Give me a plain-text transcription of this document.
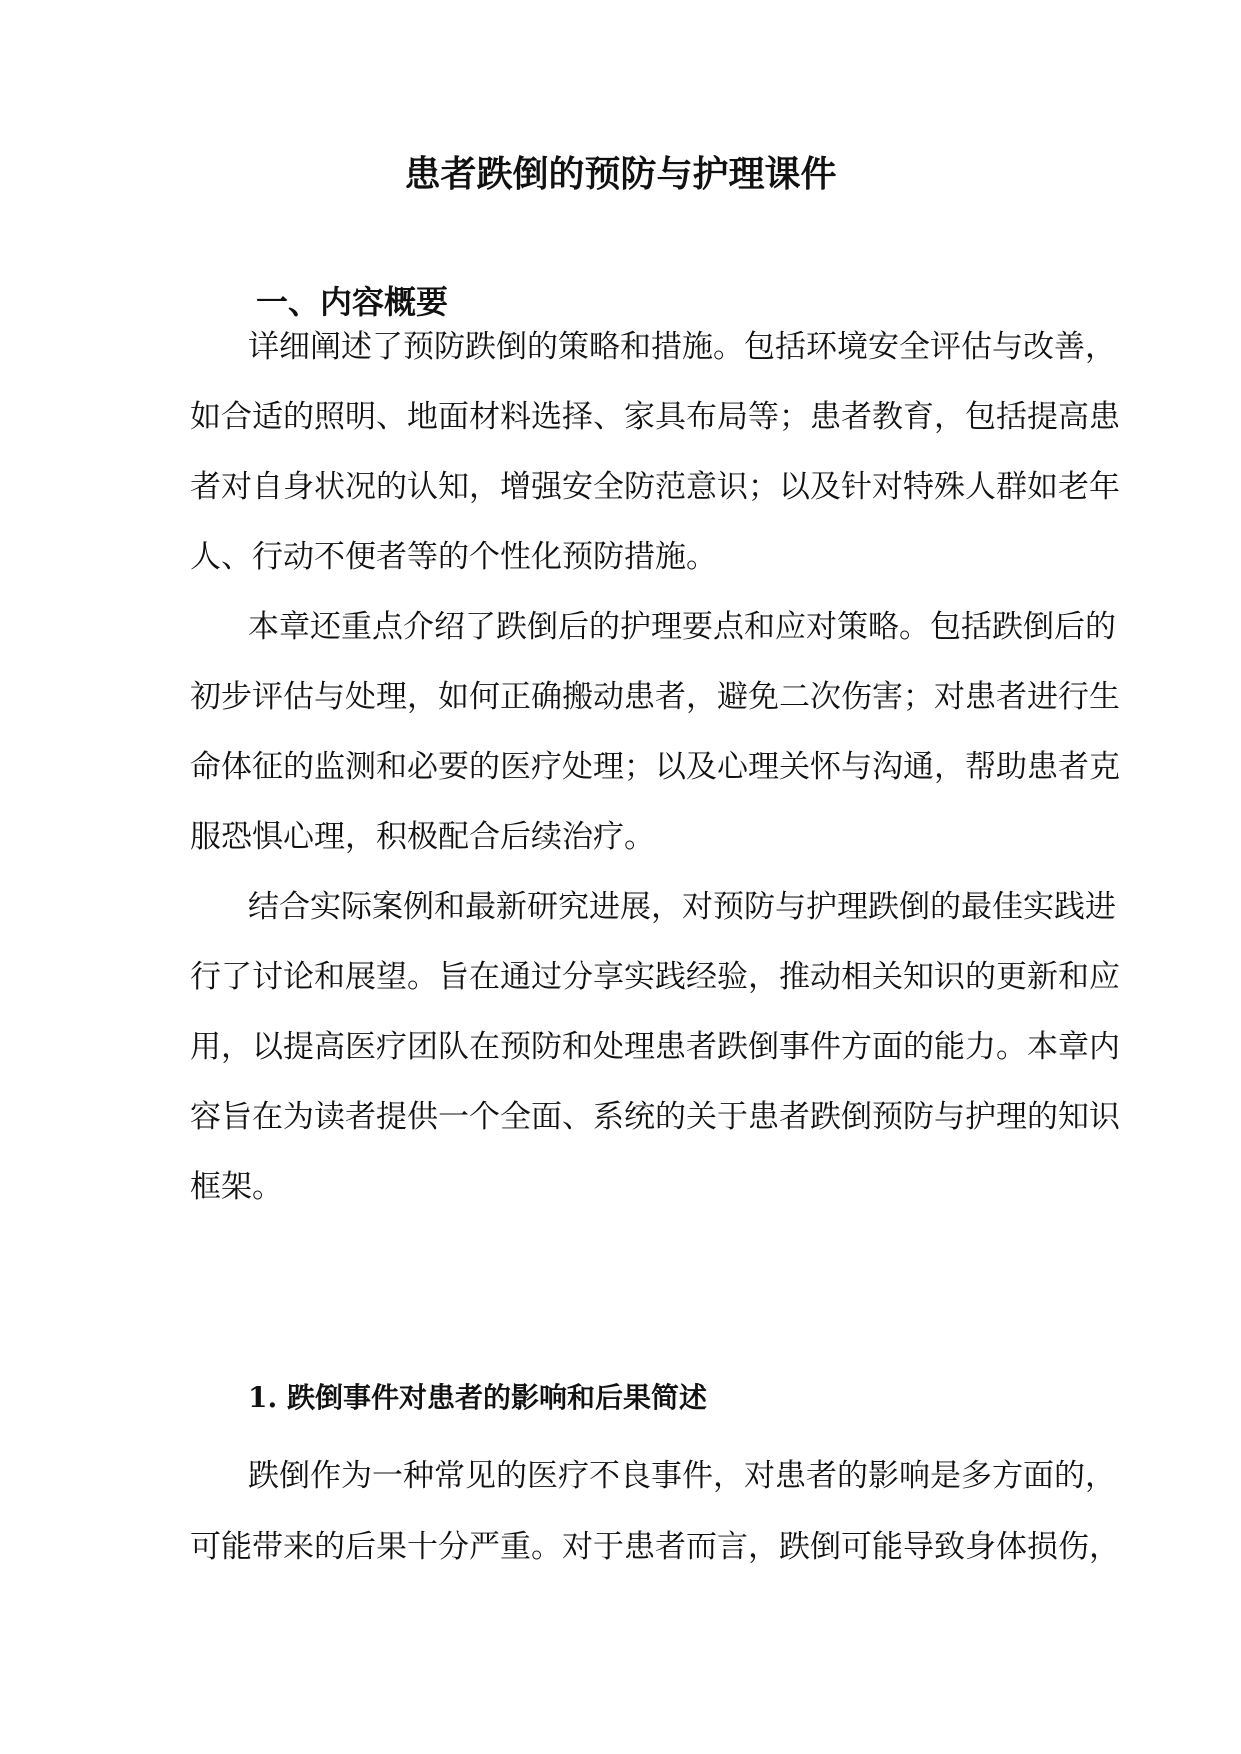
患者跌倒的预防与护理课件
一、内容概要
详细阐述了预防跌倒的策略和措施。包括环境安全评估与改善，
如合适的照明、地面材料选择、家具布局等；患者教育，包括提高患
者对自身状况的认知，增强安全防范意识；以及针对特殊人群如老年
人、行动不便者等的个性化预防措施。
本章还重点介绍了跌倒后的护理要点和应对策略。包括跌倒后的
初步评估与处理，如何正确搬动患者，避免二次伤害；对患者进行生
命体征的监测和必要的医疗处理；以及心理关怀与沟通，帮助患者克
服恐惧心理，积极配合后续治疗。
结合实际案例和最新研究进展，对预防与护理跌倒的最佳实践进
行了讨论和展望。旨在通过分享实践经验，推动相关知识的更新和应
用，以提高医疗团队在预防和处理患者跌倒事件方面的能力。本章内
容旨在为读者提供一个全面、系统的关于患者跌倒预防与护理的知识
框架。
1. 跌倒事件对患者的影响和后果简述
跌倒作为一种常见的医疗不良事件，对患者的影响是多方面的，
可能带来的后果十分严重。对于患者而言，跌倒可能导致身体损伤，
